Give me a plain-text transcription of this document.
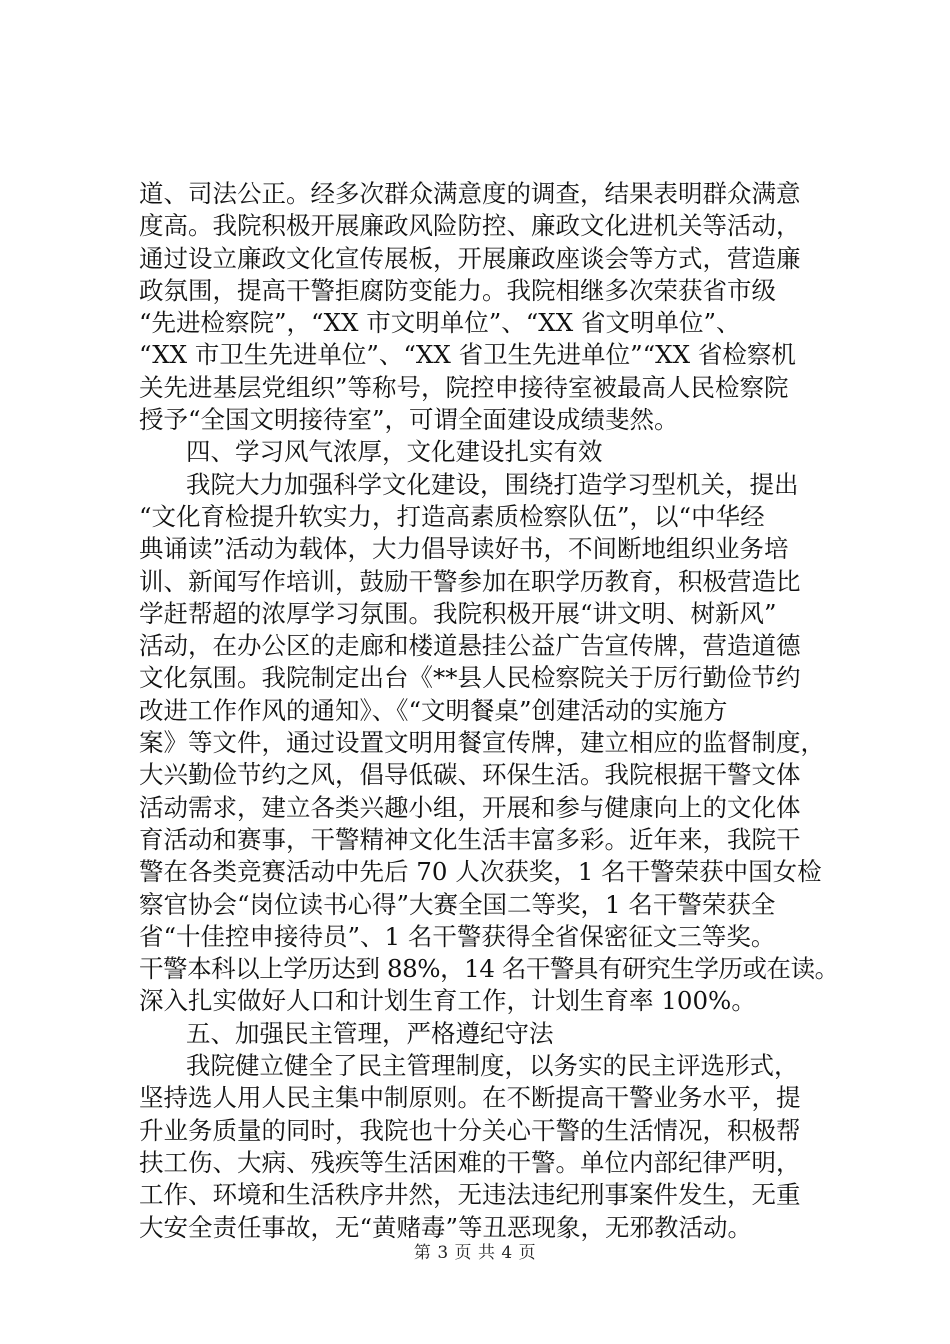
道、司法公正。经多次群众满意度的调查，结果表明群众满意
度高。我院积极开展廉政风险防控、廉政文化进机关等活动，
通过设立廉政文化宣传展板，开展廉政座谈会等方式，营造廉
政氛围，提高干警拒腐防变能力。我院相继多次荣获省市级
“先进检察院”，“XX 市文明单位”、“XX 省文明单位”、
“XX 市卫生先进单位”、“XX 省卫生先进单位”“XX 省检察机
关先进基层党组织”等称号，院控申接待室被最高人民检察院
授予“全国文明接待室”，可谓全面建设成绩斐然。
四、学习风气浓厚，文化建设扎实有效
我院大力加强科学文化建设，围绕打造学习型机关，提出
“文化育检提升软实力，打造高素质检察队伍”，以“中华经
典诵读”活动为载体，大力倡导读好书，不间断地组织业务培
训、新闻写作培训，鼓励干警参加在职学历教育，积极营造比
学赶帮超的浓厚学习氛围。我院积极开展“讲文明、树新风”
活动，在办公区的走廊和楼道悬挂公益广告宣传牌，营造道德
文化氛围。我院制定出台《**县人民检察院关于厉行勤俭节约
改进工作作风的通知》、《“文明餐桌”创建活动的实施方
案》等文件，通过设置文明用餐宣传牌，建立相应的监督制度，
大兴勤俭节约之风，倡导低碳、环保生活。我院根据干警文体
活动需求，建立各类兴趣小组，开展和参与健康向上的文化体
育活动和赛事，干警精神文化生活丰富多彩。近年来，我院干
警在各类竞赛活动中先后 70 人次获奖，1 名干警荣获中国女检
察官协会“岗位读书心得”大赛全国二等奖，1 名干警荣获全
省“十佳控申接待员”、1 名干警获得全省保密征文三等奖。
干警本科以上学历达到 88%，14 名干警具有研究生学历或在读。
深入扎实做好人口和计划生育工作，计划生育率 100%。
五、加强民主管理，严格遵纪守法
我院健立健全了民主管理制度，以务实的民主评选形式，
坚持选人用人民主集中制原则。在不断提高干警业务水平，提
升业务质量的同时，我院也十分关心干警的生活情况，积极帮
扶工伤、大病、残疾等生活困难的干警。单位内部纪律严明，
工作、环境和生活秩序井然，无违法违纪刑事案件发生，无重
大安全责任事故，无“黄赌毒”等丑恶现象，无邪教活动。
第 3 页 共 4 页
